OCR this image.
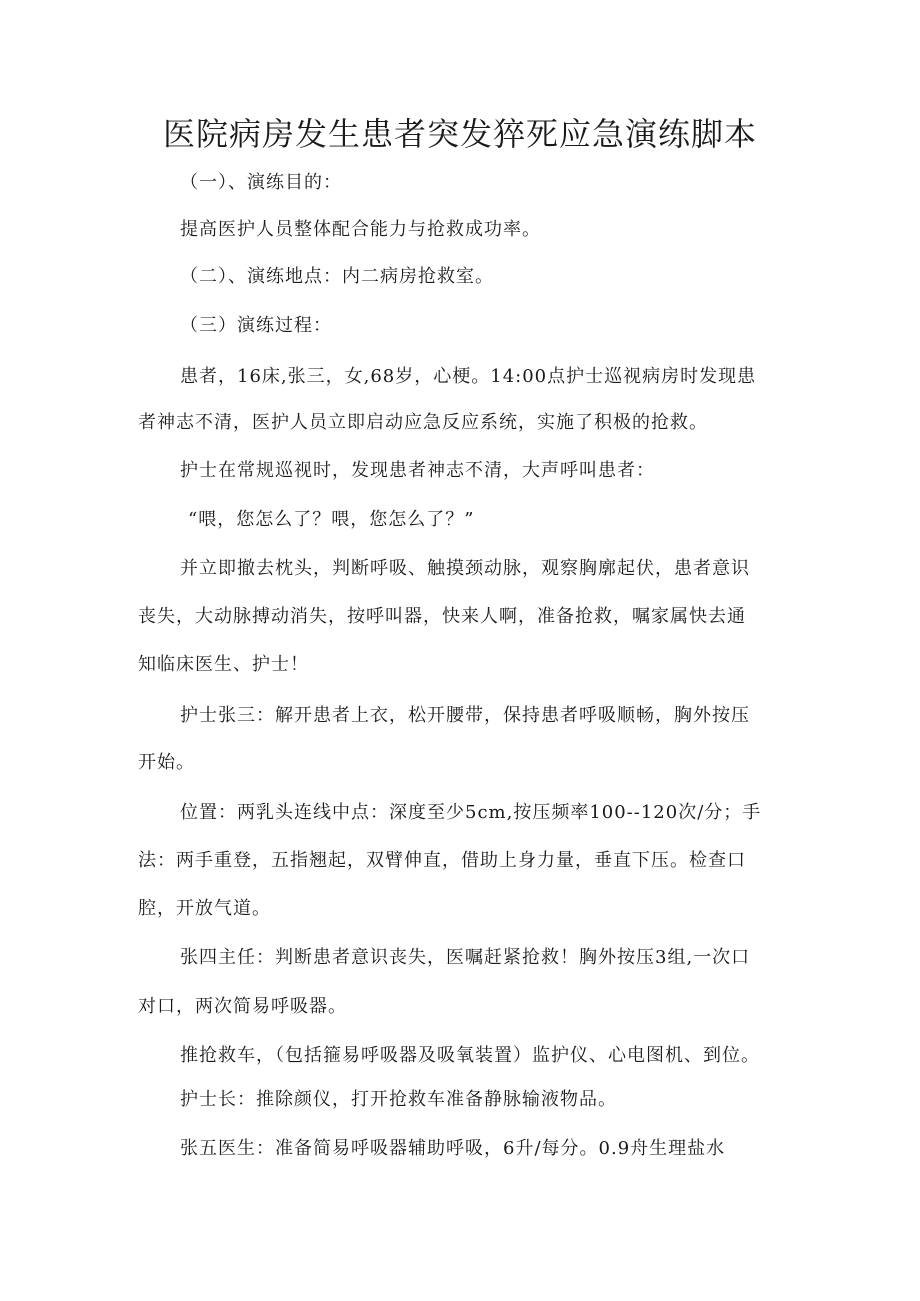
医院病房发生患者突发猝死应急演练脚本
（一）、演练目的：
提高医护人员整体配合能力与抢救成功率。
（二）、演练地点：内二病房抢救室。
（三）演练过程：
患者，16床,张三，女,68岁，心梗。14:00点护士巡视病房时发现患
者神志不清，医护人员立即启动应急反应系统，实施了积极的抢救。
护士在常规巡视时，发现患者神志不清，大声呼叫患者：
“喂，您怎么了？喂，您怎么了？”
并立即撤去枕头，判断呼吸、触摸颈动脉，观察胸廓起伏，患者意识
丧失，大动脉搏动消失，按呼叫器，快来人啊，准备抢救，嘱家属快去通
知临床医生、护士！
护士张三：解开患者上衣，松开腰带，保持患者呼吸顺畅，胸外按压
开始。
位置：两乳头连线中点：深度至少5cm,按压频率100--120次/分；手
法：两手重登，五指翘起，双臂伸直，借助上身力量，垂直下压。检查口
腔，开放气道。
张四主任：判断患者意识丧失，医嘱赶紧抢救！胸外按压3组,一次口
对口，两次简易呼吸器。
推抢救车，（包括箍易呼吸器及吸氧装置）监护仪、心电图机、到位。
护士长：推除颜仪，打开抢救车准备静脉输液物品。
张五医生：准备简易呼吸器辅助呼吸，6升/每分。0.9舟生理盐水
